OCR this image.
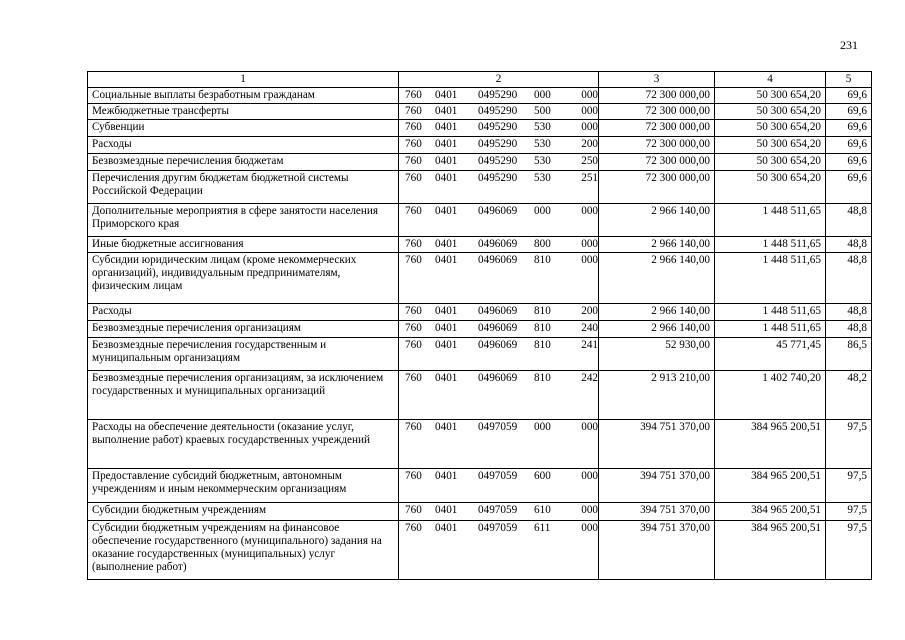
231
1	2	3	4	5
Социальные выплаты безработным гражданам	760 0401 0495290 000 000	72 300 000,00	50 300 654,20	69,6
Межбюджетные трансферты	760 0401 0495290 500 000	72 300 000,00	50 300 654,20	69,6
Субвенции	760 0401 0495290 530 000	72 300 000,00	50 300 654,20	69,6
Расходы	760 0401 0495290 530 200	72 300 000,00	50 300 654,20	69,6
Безвозмездные перечисления бюджетам	760 0401 0495290 530 250	72 300 000,00	50 300 654,20	69,6
Перечисления другим бюджетам бюджетной системы Российской Федерации	760 0401 0495290 530 251	72 300 000,00	50 300 654,20	69,6
Дополнительные мероприятия в сфере занятости населения Приморского края	760 0401 0496069 000 000	2 966 140,00	1 448 511,65	48,8
Иные бюджетные ассигнования	760 0401 0496069 800 000	2 966 140,00	1 448 511,65	48,8
Субсидии юридическим лицам (кроме некоммерческих организаций), индивидуальным предпринимателям, физическим лицам	760 0401 0496069 810 000	2 966 140,00	1 448 511,65	48,8
Расходы	760 0401 0496069 810 200	2 966 140,00	1 448 511,65	48,8
Безвозмездные перечисления организациям	760 0401 0496069 810 240	2 966 140,00	1 448 511,65	48,8
Безвозмездные перечисления государственным и муниципальным организациям	760 0401 0496069 810 241	52 930,00	45 771,45	86,5
Безвозмездные перечисления организациям, за исключением государственных и муниципальных организаций	760 0401 0496069 810 242	2 913 210,00	1 402 740,20	48,2
Расходы на обеспечение деятельности (оказание услуг, выполнение работ) краевых государственных учреждений	760 0401 0497059 000 000	394 751 370,00	384 965 200,51	97,5
Предоставление субсидий бюджетным, автономным учреждениям и иным некоммерческим организациям	760 0401 0497059 600 000	394 751 370,00	384 965 200,51	97,5
Субсидии бюджетным учреждениям	760 0401 0497059 610 000	394 751 370,00	384 965 200,51	97,5
Субсидии бюджетным учреждениям на финансовое обеспечение государственного (муниципального) задания на оказание государственных (муниципальных) услуг (выполнение работ)	760 0401 0497059 611 000	394 751 370,00	384 965 200,51	97,5
